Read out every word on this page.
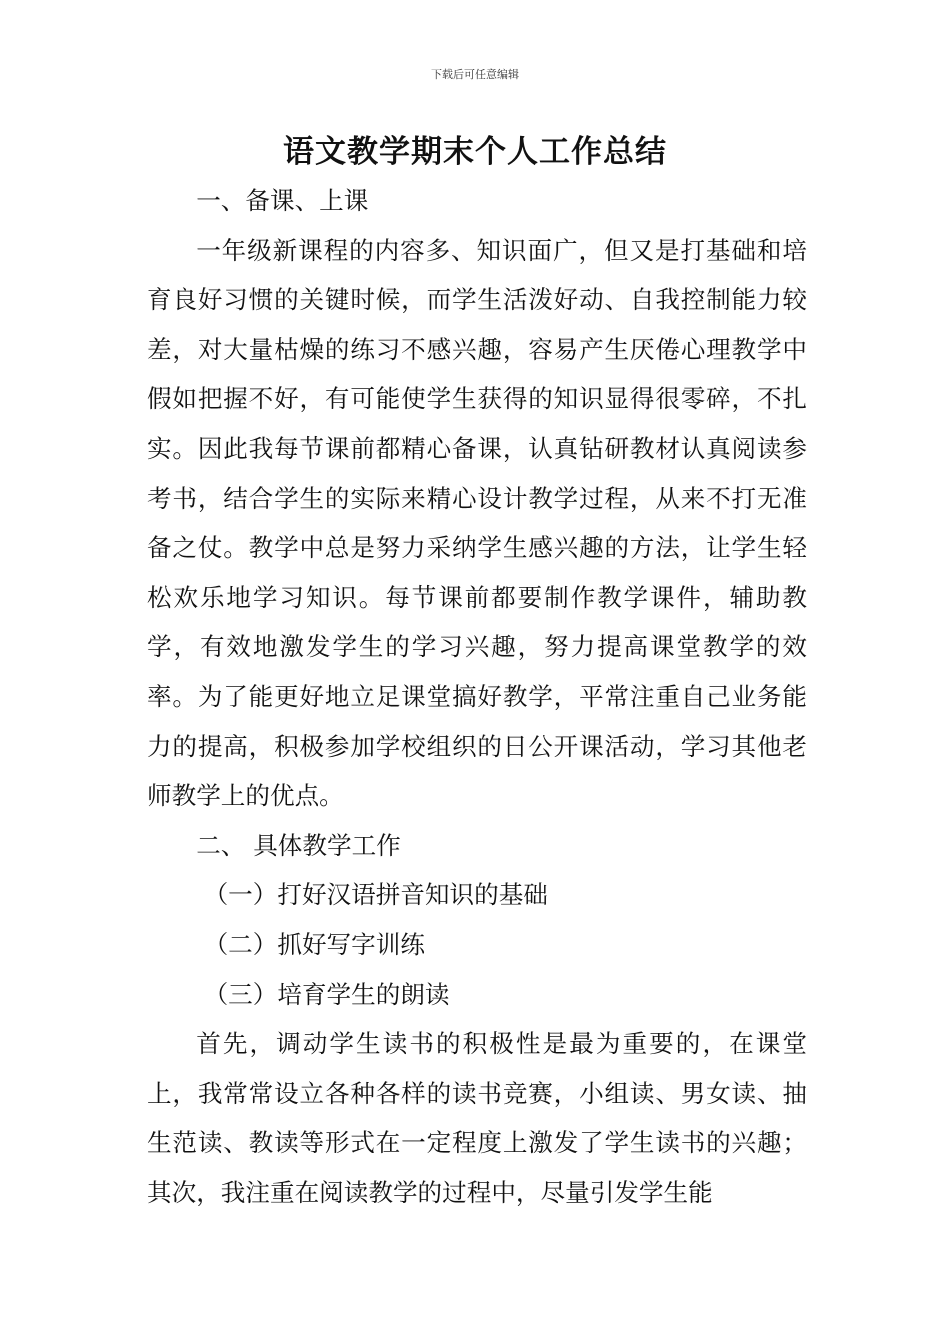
下载后可任意编辑
语文教学期末个人工作总结

一、备课、上课

一年级新课程的内容多、知识面广，但又是打基础和培育良好习惯的关键时候，而学生活泼好动、自我控制能力较差，对大量枯燥的练习不感兴趣，容易产生厌倦心理教学中假如把握不好，有可能使学生获得的知识显得很零碎，不扎实。因此我每节课前都精心备课，认真钻研教材认真阅读参考书，结合学生的实际来精心设计教学过程，从来不打无准备之仗。教学中总是努力采纳学生感兴趣的方法，让学生轻松欢乐地学习知识。每节课前都要制作教学课件，辅助教学，有效地激发学生的学习兴趣，努力提高课堂教学的效率。为了能更好地立足课堂搞好教学，平常注重自己业务能力的提高，积极参加学校组织的日公开课活动，学习其他老师教学上的优点。

二、 具体教学工作

（一）打好汉语拼音知识的基础

（二）抓好写字训练

（三）培育学生的朗读

首先，调动学生读书的积极性是最为重要的，在课堂上，我常常设立各种各样的读书竞赛，小组读、男女读、抽生范读、教读等形式在一定程度上激发了学生读书的兴趣；其次，我注重在阅读教学的过程中，尽量引发学生能
